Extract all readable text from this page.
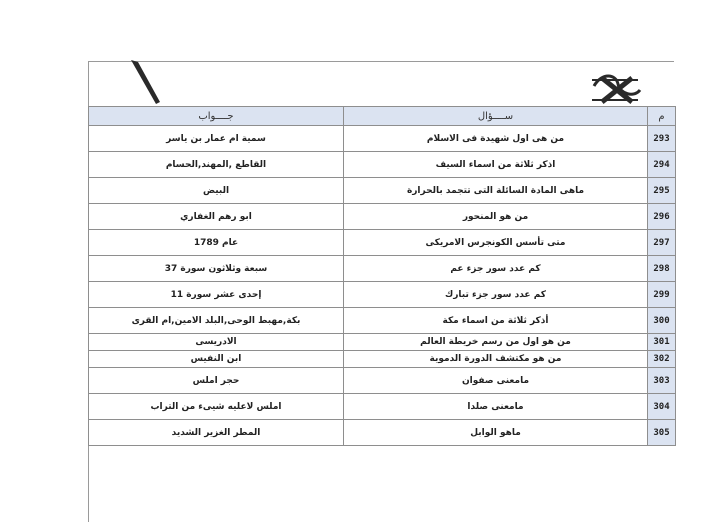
م	ســــؤال	جــــواب
293	من هى اول شهيدة فى الاسلام	سمية ام عمار بن ياسر
294	اذكر ثلاثة من اسماء السيف	القاطع ,المهند,الحسام
295	ماهى المادة السائلة التى تتجمد بالحرارة	البيض
296	من هو المنحور	ابو رهم الغفاري
297	متى تأسس الكونجرس الامريكى	عام 1789
298	كم عدد سور جزء عم	سبعة وثلاثون سورة 37
299	كم عدد سور جزء تبارك	إحدى عشر سورة 11
300	أذكر ثلاثة من اسماء مكة	بكة,مهبط الوحى,البلد الامين,ام القرى
301	من هو اول من رسم خريطة العالم	الادريسى
302	من هو مكتشف الدورة الدموية	ابن النفيس
303	مامعنى صفوان	حجر املس
304	مامعنى صلدا	املس لاعليه شيىء من التراب
305	ماهو الوابل	المطر الغزير الشديد
